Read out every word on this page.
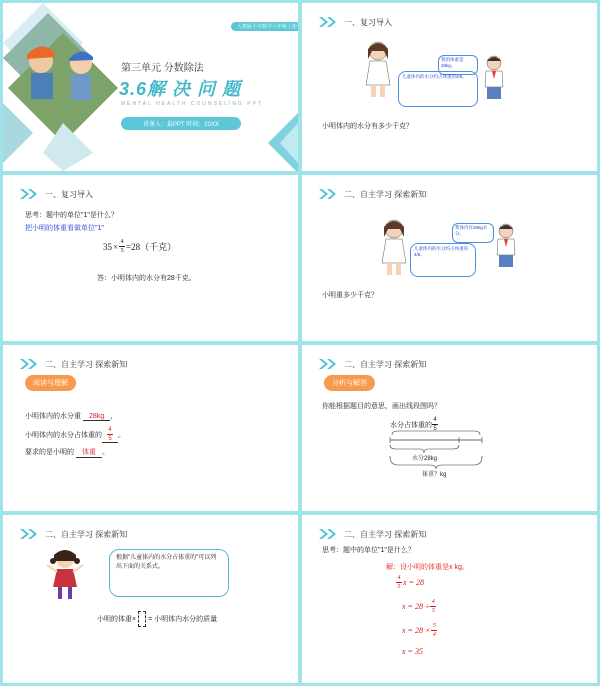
人教版小学数学六年级上册
第三单元 分数除法
3.6解 决 问 题
MENTAL HEALTH COUNSELING PPT
讲课人：最PPT 时间：20XX
一、复习导入
我的体重是28kg。
儿童体内的水分约占体重的4/5。
小明体内的水分有多少千克？
一、复习导入
思考：题中的单位"1"是什么？
把小明的体重看做单位"1"
$35 \times \frac{4}{5} =28$（千克）
答：小明体内的水分有28千克。
二、自主学习 探索新知
我体内有28kg水分。
儿童体内的水分约占体重的4/5。
小明重多少千克？
二、自主学习 探索新知
阅读与理解
小明体内的水分重 28kg ，
小明体内的水分占体重的 $\frac{4}{5}$ 。
要求的是小明的 体重 。
二、自主学习 探索新知
分析与解答
你能根据题目的意思，画出线段图吗？
水分占体重的 $\frac{4}{5}$
水分28kg
体重？kg
二、自主学习 探索新知
根据"儿童体内的水分占体重的"可以列出下面的关系式。
小明的体重× = 小明体内水分的质量
二、自主学习 探索新知
思考：题中的单位"1"是什么？
解：设小明的体重是x kg。
$\frac{4}{5}$ x = 28
$x = 28 \div \frac{4}{5}$
$x = 28 \times \frac{5}{4}$
x = 35
